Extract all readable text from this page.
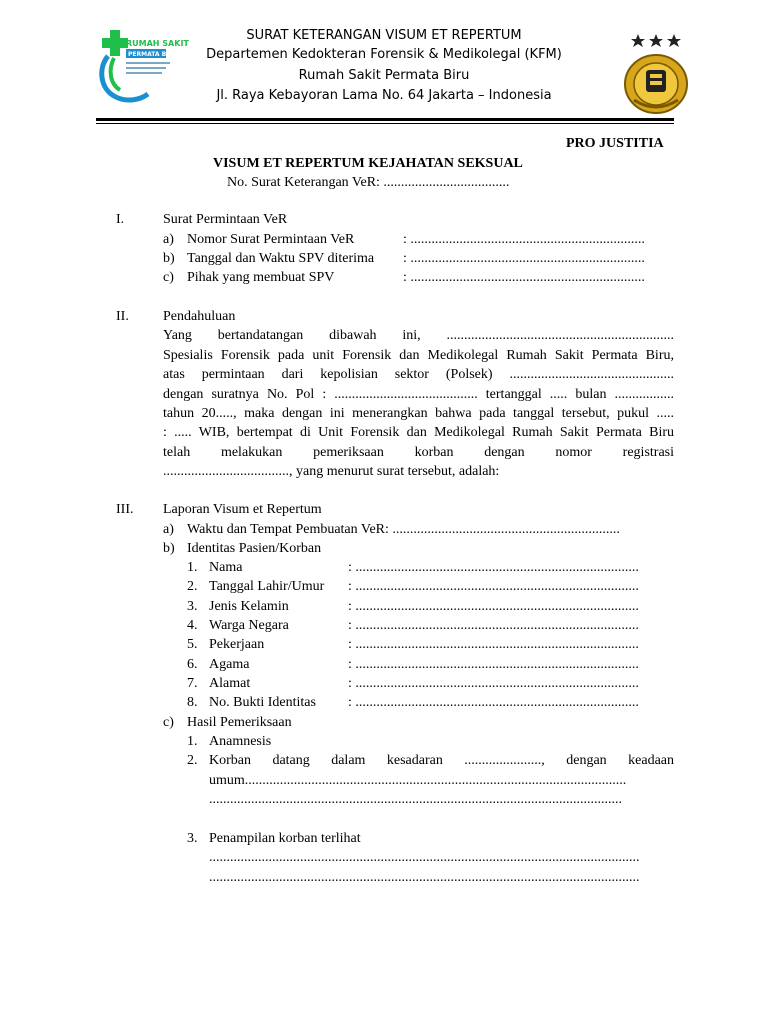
RUMAH SAKIT
PERMATA BIRU
SURAT KETERANGAN VISUM ET REPERTUM
Departemen Kedokteran Forensik & Medikolegal (KFM)
Rumah Sakit Permata Biru
Jl. Raya Kebayoran Lama No. 64 Jakarta – Indonesia
PRO JUSTITIA
VISUM ET REPERTUM KEJAHATAN SEKSUAL
No. Surat Keterangan VeR: ....................................
I.	Surat Permintaan VeR
a) Nomor Surat Permintaan VeR	: ...................................................................
b) Tanggal dan Waktu SPV diterima : ...................................................................
c) Pihak yang membuat SPV	: ...................................................................
II. Pendahuluan
Yang bertandatangan dibawah ini, .................................................................
Spesialis Forensik pada unit Forensik dan Medikolegal Rumah Sakit Permata Biru,
atas permintaan dari kepolisian sektor (Polsek) ...............................................
dengan suratnya No. Pol : ......................................... tertanggal ..... bulan .................
tahun 20....., maka dengan ini menerangkan bahwa pada tanggal tersebut, pukul .....
: ..... WIB, bertempat di Unit Forensik dan Medikolegal Rumah Sakit Permata Biru
telah melakukan pemeriksaan korban dengan nomor registrasi
...................................., yang menurut surat tersebut, adalah:
III. Laporan Visum et Repertum
a) Waktu dan Tempat Pembuatan VeR: .................................................................
b) Identitas Pasien/Korban
1. Nama	: .................................................................................
2. Tanggal Lahir/Umur : .................................................................................
3. Jenis Kelamin	: .................................................................................
4. Warga Negara	: .................................................................................
5. Pekerjaan	: .................................................................................
6. Agama	: .................................................................................
7. Alamat	: .................................................................................
8. No. Bukti Identitas : .................................................................................
c) Hasil Pemeriksaan
1. Anamnesis
2. Korban datang dalam kesadaran ......................, dengan keadaan
umum.............................................................................................................
......................................................................................................................
3. Penampilan korban terlihat
...........................................................................................................................
...........................................................................................................................
